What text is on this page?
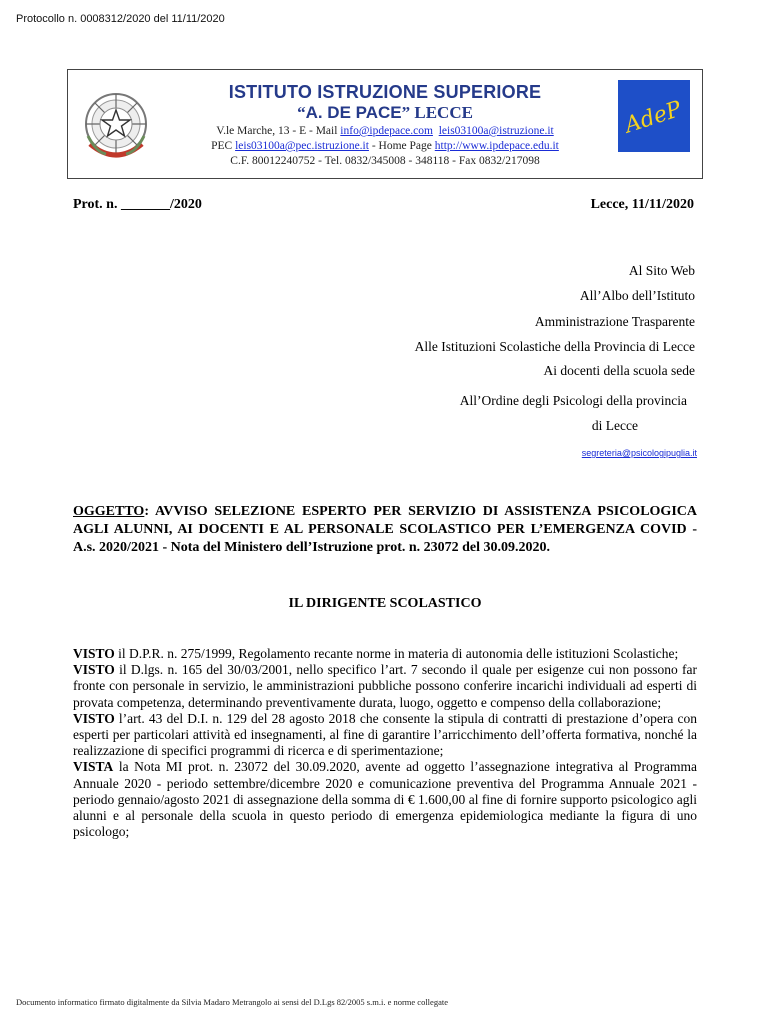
Protocollo n. 0008312/2020 del 11/11/2020
ISTITUTO ISTRUZIONE SUPERIORE
“A. DE PACE” LECCE
V.le Marche, 13 - E - Mail info@ipdepace.com leis03100a@istruzione.it
PEC leis03100a@pec.istruzione.it - Home Page http://www.ipdepace.edu.it
C.F. 80012240752 - Tel. 0832/345008 - 348118 - Fax 0832/217098
AdeP
Prot. n. _______/2020	Lecce, 11/11/2020
Al Sito Web
All’Albo dell’Istituto
Amministrazione Trasparente
Alle Istituzioni Scolastiche della Provincia di Lecce
Ai docenti della scuola sede
All’Ordine degli Psicologi della provincia
di Lecce
segreteria@psicologipuglia.it
OGGETTO: AVVISO SELEZIONE ESPERTO PER SERVIZIO DI ASSISTENZA PSICOLOGICA AGLI ALUNNI, AI DOCENTI E AL PERSONALE SCOLASTICO PER L’EMERGENZA COVID - A.s. 2020/2021 - Nota del Ministero dell’Istruzione prot. n. 23072 del 30.09.2020.
IL DIRIGENTE SCOLASTICO

VISTO il D.P.R. n. 275/1999, Regolamento recante norme in materia di autonomia delle istituzioni Scolastiche;

VISTO il D.lgs. n. 165 del 30/03/2001, nello specifico l’art. 7 secondo il quale per esigenze cui non possono far fronte con personale in servizio, le amministrazioni pubbliche possono conferire incarichi individuali ad esperti di provata competenza, determinando preventivamente durata, luogo, oggetto e compenso della collaborazione;

VISTO l’art. 43 del D.I. n. 129 del 28 agosto 2018 che consente la stipula di contratti di prestazione d’opera con esperti per particolari attività ed insegnamenti, al fine di garantire l’arricchimento dell’offerta formativa, nonché la realizzazione di specifici programmi di ricerca e di sperimentazione;

VISTA la Nota MI prot. n. 23072 del 30.09.2020, avente ad oggetto l’assegnazione integrativa al Programma Annuale 2020 - periodo settembre/dicembre 2020 e comunicazione preventiva del Programma Annuale 2021 - periodo gennaio/agosto 2021 di assegnazione della somma di € 1.600,00 al fine di fornire supporto psicologico agli alunni e al personale della scuola in questo periodo di emergenza epidemiologica mediante la figura di uno psicologo;

Documento informatico firmato digitalmente da Silvia Madaro Metrangolo ai sensi del D.Lgs 82/2005 s.m.i. e norme collegate
